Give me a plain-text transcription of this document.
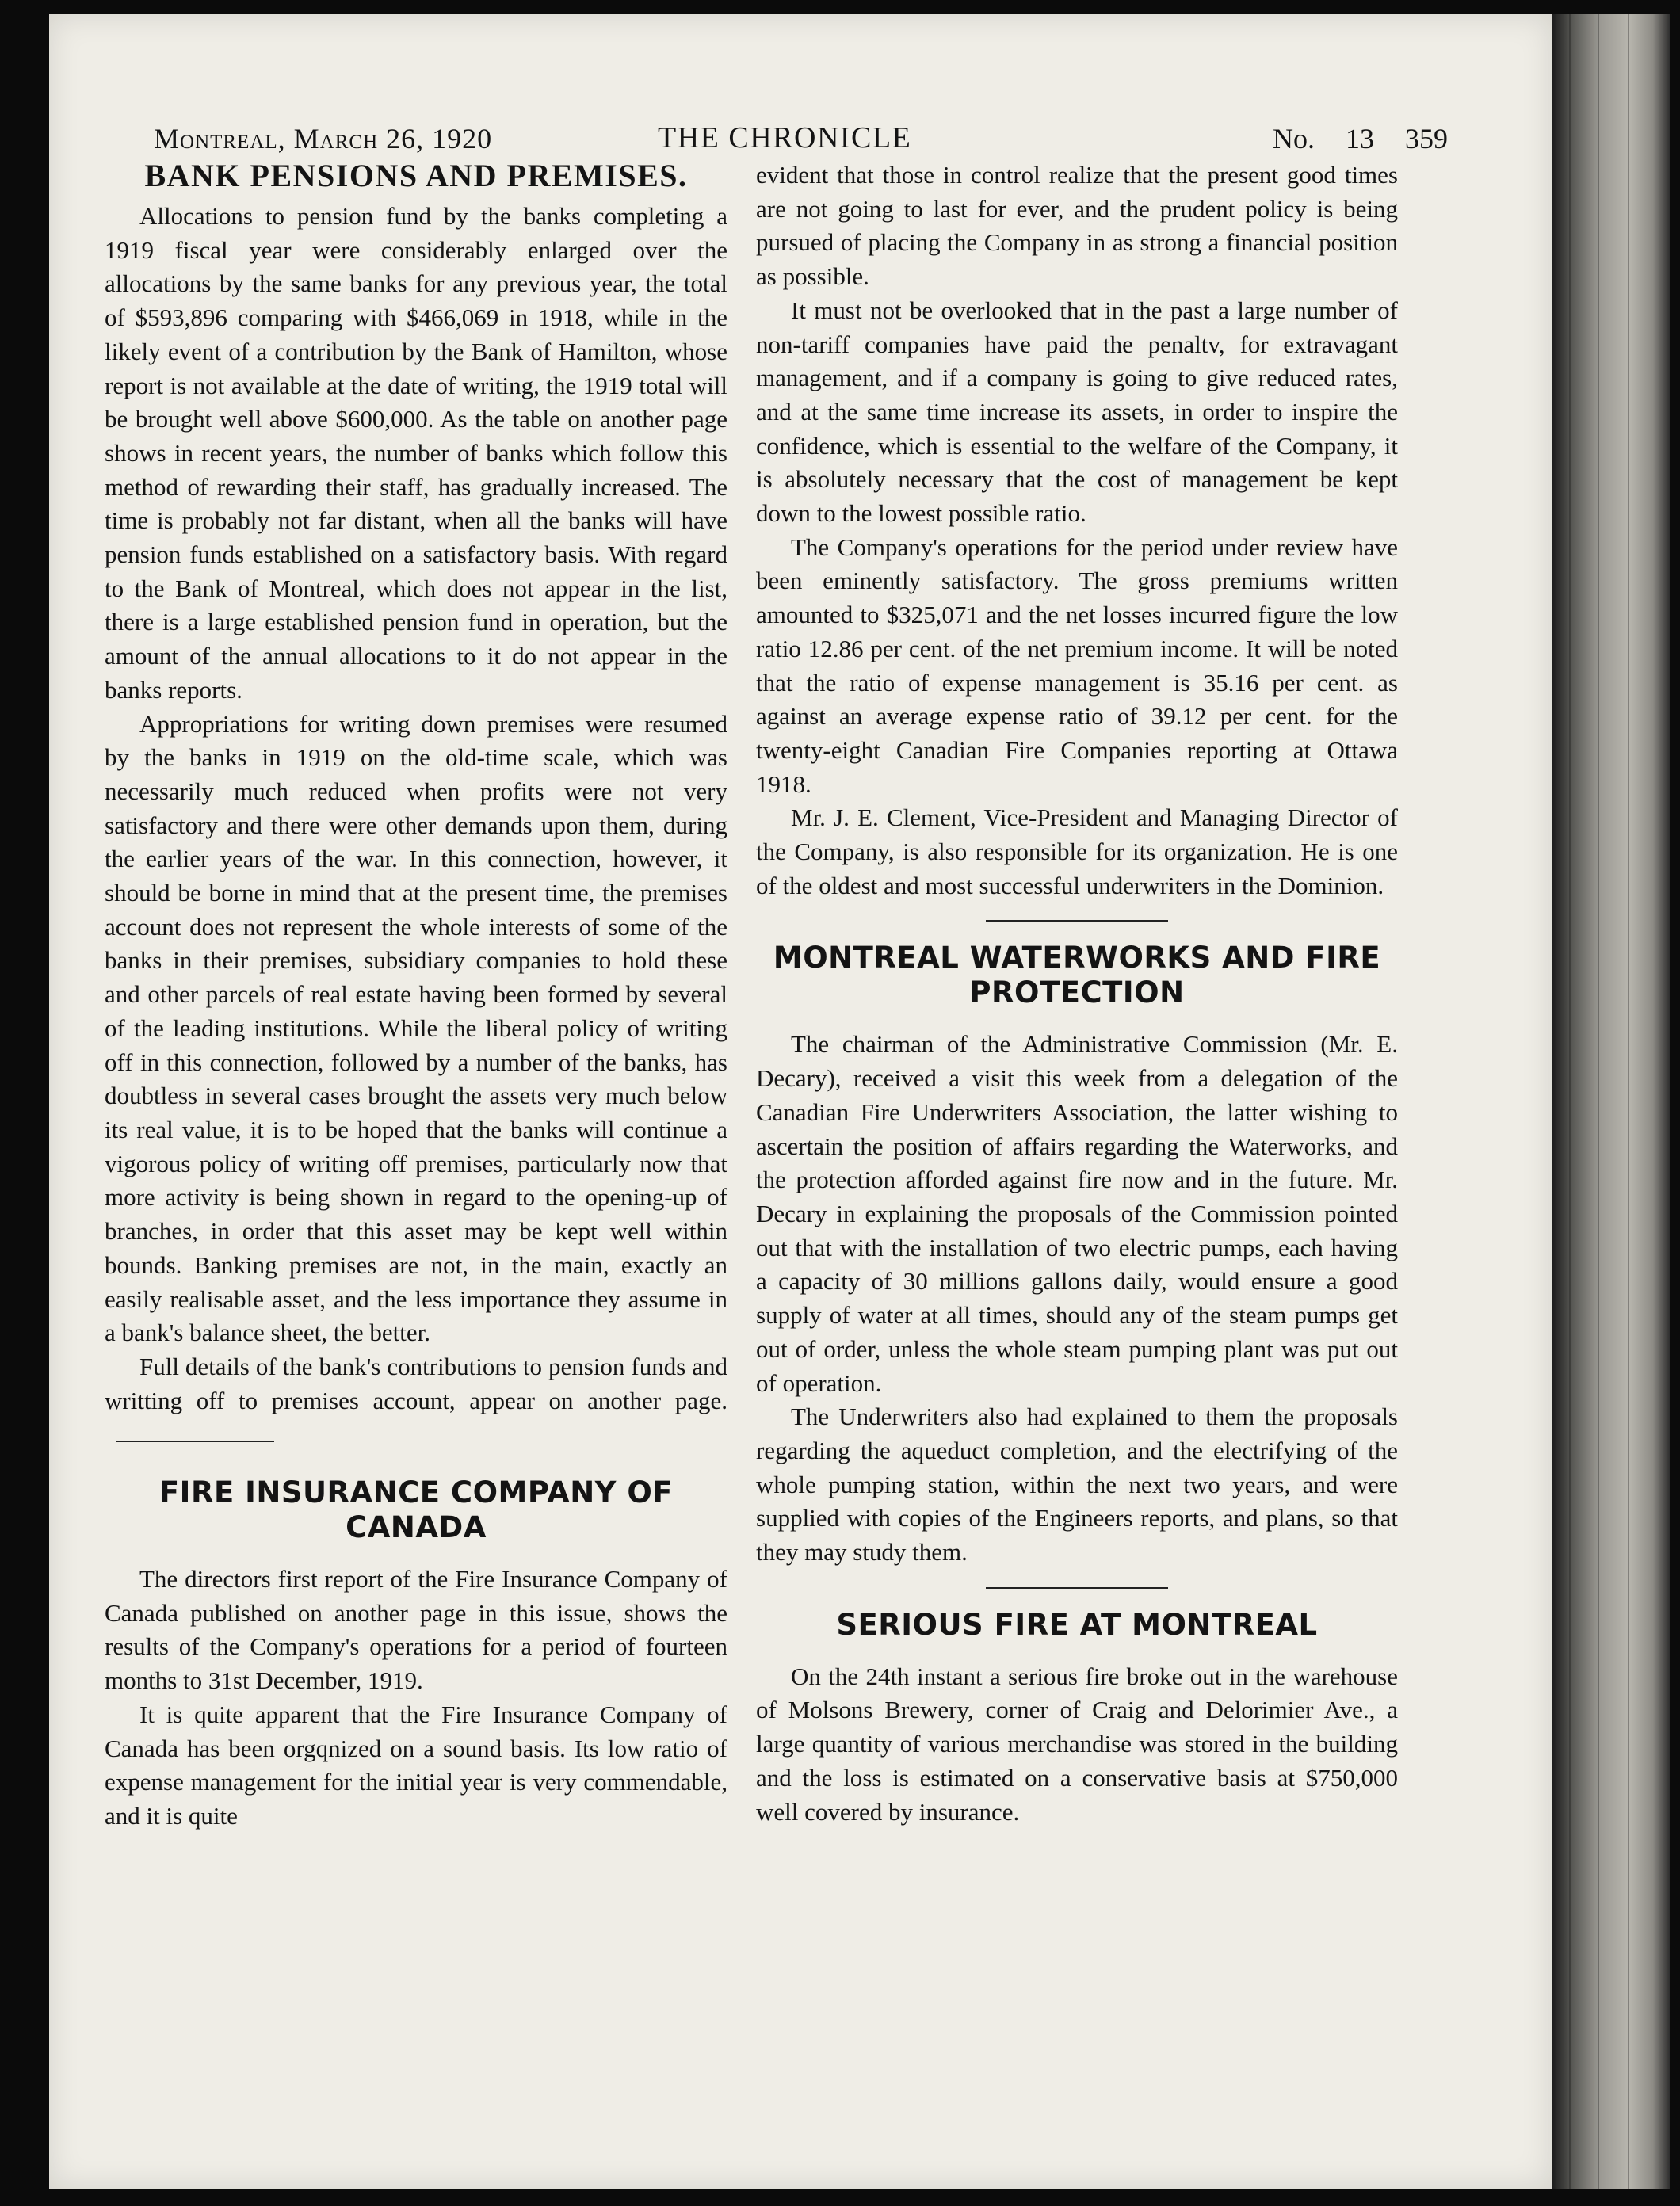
Montreal, March 26, 1920	THE CHRONICLE	No. 13 359
BANK PENSIONS AND PREMISES.

Allocations to pension fund by the banks completing a 1919 fiscal year were considerably enlarged over the allocations by the same banks for any previous year, the total of $593,896 comparing with $466,069 in 1918, while in the likely event of a contribution by the Bank of Hamilton, whose report is not available at the date of writing, the 1919 total will be brought well above $600,000. As the table on another page shows in recent years, the number of banks which follow this method of rewarding their staff, has gradually increased. The time is probably not far distant, when all the banks will have pension funds established on a satisfactory basis. With regard to the Bank of Montreal, which does not appear in the list, there is a large established pension fund in operation, but the amount of the annual allocations to it do not appear in the banks reports.

Appropriations for writing down premises were resumed by the banks in 1919 on the old-time scale, which was necessarily much reduced when profits were not very satisfactory and there were other demands upon them, during the earlier years of the war. In this connection, however, it should be borne in mind that at the present time, the premises account does not represent the whole interests of some of the banks in their premises, subsidiary companies to hold these and other parcels of real estate having been formed by several of the leading institutions. While the liberal policy of writing off in this connection, followed by a number of the banks, has doubtless in several cases brought the assets very much below its real value, it is to be hoped that the banks will continue a vigorous policy of writing off premises, particularly now that more activity is being shown in regard to the opening-up of branches, in order that this asset may be kept well within bounds. Banking premises are not, in the main, exactly an easily realisable asset, and the less importance they assume in a bank's balance sheet, the better.

Full details of the bank's contributions to pension funds and writting off to premises account, appear on another page.

FIRE INSURANCE COMPANY OF
CANADA

The directors first report of the Fire Insurance Company of Canada published on another page in this issue, shows the results of the Company's operations for a period of fourteen months to 31st December, 1919.

It is quite apparent that the Fire Insurance Company of Canada has been orgqnized on a sound basis. Its low ratio of expense management for the initial year is very commendable, and it is quite

evident that those in control realize that the present good times are not going to last for ever, and the prudent policy is being pursued of placing the Company in as strong a financial position as possible.

It must not be overlooked that in the past a large number of non-tariff companies have paid the penaltv, for extravagant management, and if a company is going to give reduced rates, and at the same time increase its assets, in order to inspire the confidence, which is essential to the welfare of the Company, it is absolutely necessary that the cost of management be kept down to the lowest possible ratio.

The Company's operations for the period under review have been eminently satisfactory. The gross premiums written amounted to $325,071 and the net losses incurred figure the low ratio 12.86 per cent. of the net premium income. It will be noted that the ratio of expense management is 35.16 per cent. as against an average expense ratio of 39.12 per cent. for the twenty-eight Canadian Fire Companies reporting at Ottawa 1918.

Mr. J. E. Clement, Vice-President and Managing Director of the Company, is also responsible for its organization. He is one of the oldest and most successful underwriters in the Dominion.

MONTREAL WATERWORKS AND FIRE
PROTECTION

The chairman of the Administrative Commission (Mr. E. Decary), received a visit this week from a delegation of the Canadian Fire Underwriters Association, the latter wishing to ascertain the position of affairs regarding the Waterworks, and the protection afforded against fire now and in the future. Mr. Decary in explaining the proposals of the Commission pointed out that with the installation of two electric pumps, each having a capacity of 30 millions gallons daily, would ensure a good supply of water at all times, should any of the steam pumps get out of order, unless the whole steam pumping plant was put out of operation.

The Underwriters also had explained to them the proposals regarding the aqueduct completion, and the electrifying of the whole pumping station, within the next two years, and were supplied with copies of the Engineers reports, and plans, so that they may study them.

SERIOUS FIRE AT MONTREAL

On the 24th instant a serious fire broke out in the warehouse of Molsons Brewery, corner of Craig and Delorimier Ave., a large quantity of various merchandise was stored in the building and the loss is estimated on a conservative basis at $750,000 well covered by insurance.
